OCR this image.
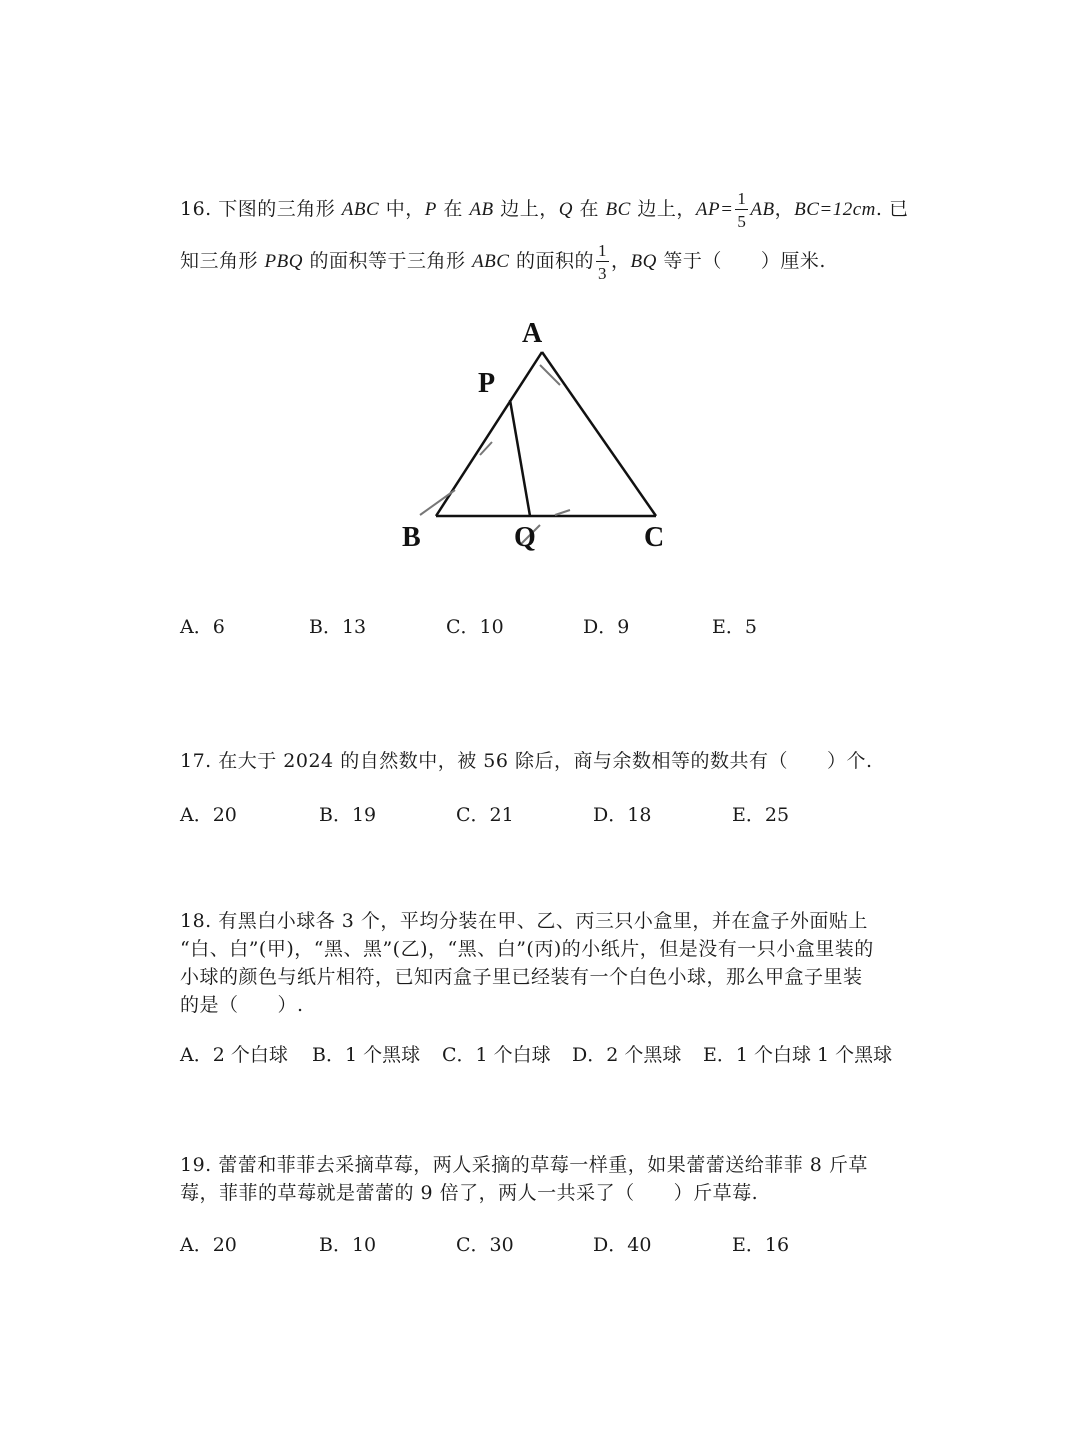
16. 下图的三角形 ABC 中，P 在 AB 边上，Q 在 BC 边上，$AP= \frac{1}{5}$ AB，BC=12cm. 已
知三角形 PBQ 的面积等于三角形 ABC 的面积的 $\frac{1}{3}$ ，BQ 等于（　　）厘米.
A
P
B	Q	C
A．6	B．13	C．10	D．9	E．5
17. 在大于 2024 的自然数中，被 56 除后，商与余数相等的数共有（　　）个.
A．20	B．19	C．21	D．18	E．25
18. 有黑白小球各 3 个，平均分装在甲、乙、丙三只小盒里，并在盒子外面贴上
“白、白”(甲)，“黑、黑”(乙)，“黑、白”(丙)的小纸片，但是没有一只小盒里装的
小球的颜色与纸片相符，已知丙盒子里已经装有一个白色小球，那么甲盒子里装
的是（　　）.
A．2 个白球 B．1 个黑球 C．1 个白球 D．2 个黑球 E．1 个白球 1 个黑球
19. 蕾蕾和菲菲去采摘草莓，两人采摘的草莓一样重，如果蕾蕾送给菲菲 8 斤草
莓，菲菲的草莓就是蕾蕾的 9 倍了，两人一共采了（　　）斤草莓.
A．20	B．10	C．30	D．40	E．16
